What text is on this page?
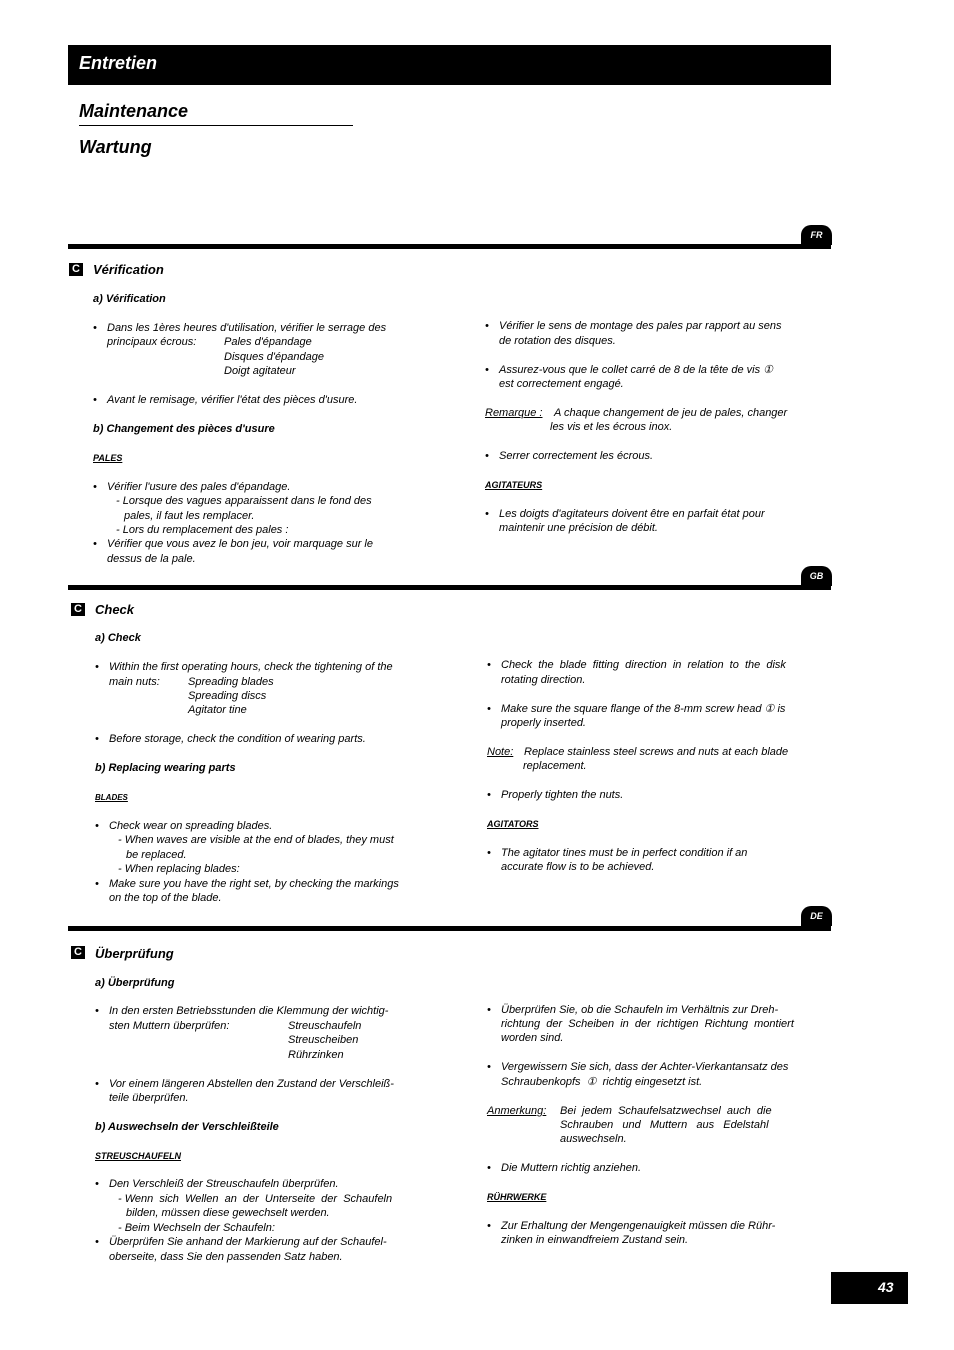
Entretien
Maintenance
Wartung
FR
C Vérification
a) Vérification
• Dans les 1ères heures d'utilisation, vérifier le serrage des
principaux écrous:	Pales d'épandage
Disques d'épandage
Doigt agitateur
• Avant le remisage, vérifier l'état des pièces d'usure.
b) Changement des pièces d'usure
PALES
• Vérifier l'usure des pales d'épandage.
- Lorsque des vagues apparaissent dans le fond des
pales, il faut les remplacer.
- Lors du remplacement des pales :
• Vérifier que vous avez le bon jeu, voir marquage sur le
dessus de la pale.
• Vérifier le sens de montage des pales par rapport au sens
de rotation des disques.
• Assurez-vous que le collet carré de 8 de la tête de vis ①
est correctement engagé.
Remarque : A chaque changement de jeu de pales, changer
les vis et les écrous inox.
• Serrer correctement les écrous.
AGITATEURS
• Les doigts d'agitateurs doivent être en parfait état pour
maintenir une précision de débit.
GB
C Check
a) Check
• Within the first operating hours, check the tightening of the
main nuts:	Spreading blades
Spreading discs
Agitator tine
• Before storage, check the condition of wearing parts.
b) Replacing wearing parts
BLADES
• Check wear on spreading blades.
- When waves are visible at the end of blades, they must
be replaced.
- When replacing blades:
• Make sure you have the right set, by checking the markings
on the top of the blade.
• Check  the  blade  fitting  direction  in  relation  to  the  disk
rotating direction.
• Make sure the square flange of the 8-mm screw head ① is
properly inserted.
Note: Replace stainless steel screws and nuts at each blade
replacement.
• Properly tighten the nuts.
AGITATORS
• The agitator tines must be in perfect condition if an
accurate flow is to be achieved.
DE
C Überprüfung
a) Überprüfung
• In den ersten Betriebsstunden die Klemmung der wichtig-
sten Muttern überprüfen:	Streuschaufeln
Streuscheiben
Rührzinken
• Vor einem längeren Abstellen den Zustand der Verschleiß-
teile überprüfen.
b) Auswechseln der Verschleißteile
STREUSCHAUFELN
• Den Verschleiß der Streuschaufeln überprüfen.
- Wenn  sich  Wellen  an  der  Unterseite  der  Schaufeln
bilden, müssen diese gewechselt werden.
- Beim Wechseln der Schaufeln:
• Überprüfen Sie anhand der Markierung auf der Schaufel-
oberseite, dass Sie den passenden Satz haben.
• Überprüfen Sie, ob die Schaufeln im Verhältnis zur Dreh-
richtung  der  Scheiben  in  der  richtigen  Richtung  montiert
worden sind.
• Vergewissern Sie sich, dass der Achter-Vierkantansatz des
Schraubenkopfs  ①  richtig eingesetzt ist.
Anmerkung: Bei  jedem  Schaufelsatzwechsel  auch  die
Schrauben   und   Muttern   aus   Edelstahl
auswechseln.
• Die Muttern richtig anziehen.
RÜHRWERKE
• Zur Erhaltung der Mengengenauigkeit müssen die Rühr-
zinken in einwandfreiem Zustand sein.
43
